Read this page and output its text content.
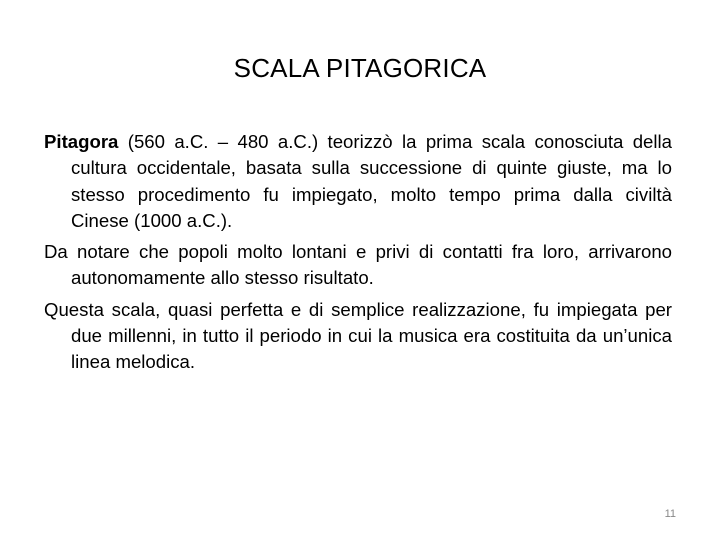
SCALA PITAGORICA

Pitagora (560 a.C. – 480 a.C.) teorizzò la prima scala conosciuta della cultura occidentale, basata sulla successione di quinte giuste, ma lo stesso procedimento fu impiegato, molto tempo prima dalla civiltà Cinese (1000 a.C.).

Da notare che popoli molto lontani e privi di contatti fra loro, arrivarono autonomamente allo stesso risultato.

Questa scala, quasi perfetta e di semplice realizzazione, fu impiegata per due millenni, in tutto il periodo in cui la musica era costituita da un’unica linea melodica.

11
